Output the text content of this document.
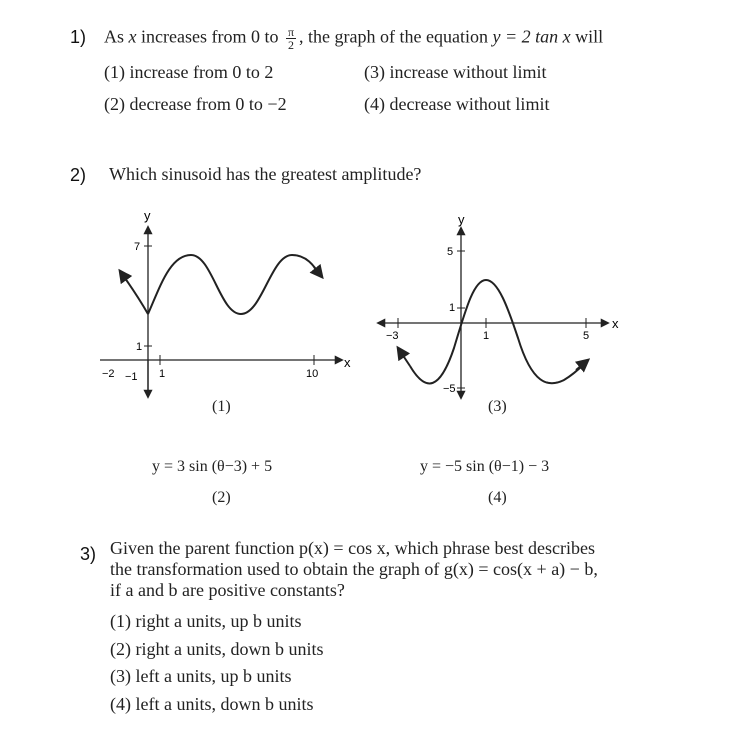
1) As x increases from 0 to $\frac{\pi}{2}$ , the graph of the equation y = 2 tan x will
(1) increase from 0 to 2	(3) increase without limit
(2) decrease from 0 to −2	(4) decrease without limit
2) Which sinusoid has the greatest amplitude?
y
x
7
1
−2 −1 1	10
(1)
y
x
5
1
−5
−3	1	5
(3)
y = 3 sin (θ−3) + 5
(2)
y = −5 sin (θ−1) − 3
(4)
3) Given the parent function p(x) = cos x, which phrase best describes
the transformation used to obtain the graph of g(x) = cos(x + a) − b,
if a and b are positive constants?
(1) right a units, up b units
(2) right a units, down b units
(3) left a units, up b units
(4) left a units, down b units
